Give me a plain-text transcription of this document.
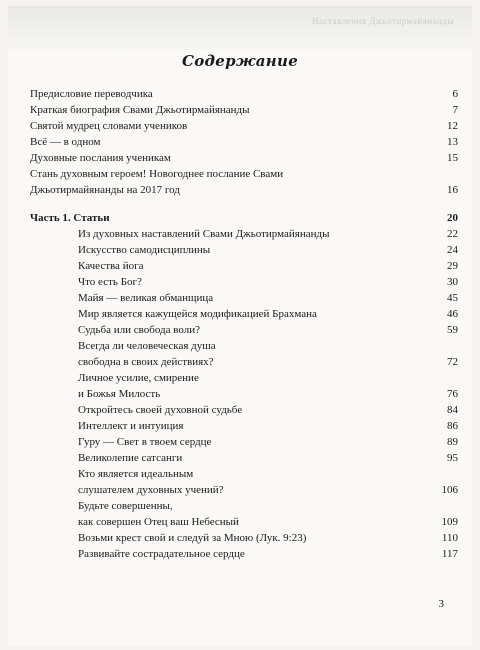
Наставления Джьотирмайянанды
Содержание
Предисловие переводчика	6
Краткая биография Свами Джьотирмайянанды	7
Святой мудрец словами учеников	12
Всё — в одном	13
Духовные послания ученикам	15
Стань духовным героем! Новогоднее послание Свами
Джьотирмайянанды на 2017 год	16
Часть 1. Статьи	20
Из духовных наставлений Свами Джьотирмайянанды	22
Искусство самодисциплины	24
Качества йога	29
Что есть Бог?	30
Майя — великая обманщица	45
Мир является кажущейся модификацией Брахмана	46
Судьба или свобода воли?	59
Всегда ли человеческая душа
свободна в своих действиях?	72
Личное усилие, смирение
и Божья Милость	76
Откройтесь своей духовной судьбе	84
Интеллект и интуиция	86
Гуру — Свет в твоем сердце	89
Великолепие сатсанги	95
Кто является идеальным
слушателем духовных учений?	106
Будьте совершенны,
как совершен Отец ваш Небесный	109
Возьми крест свой и следуй за Мною (Лук. 9:23)	110
Развивайте сострадательное сердце	117
3
